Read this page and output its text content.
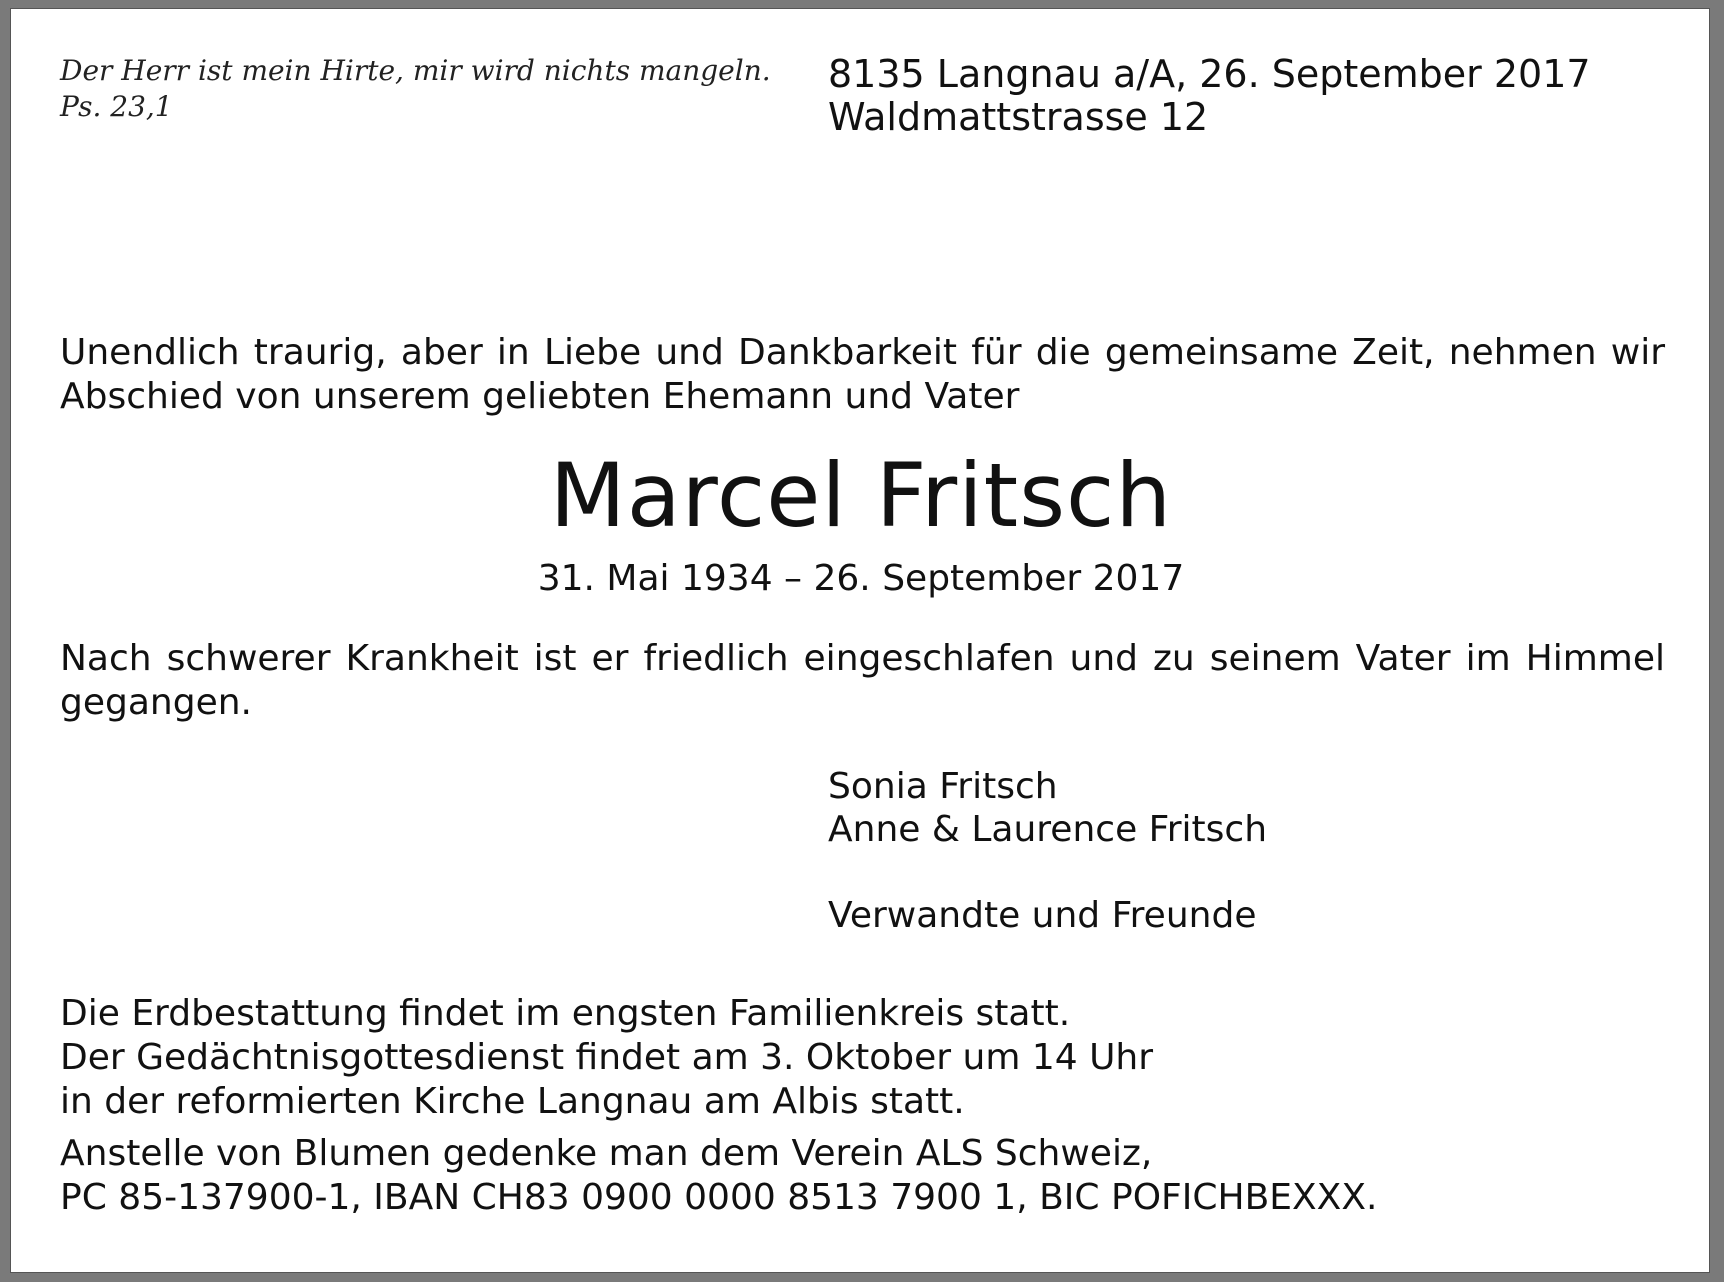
Der Herr ist mein Hirte, mir wird nichts mangeln.
Ps. 23,1
8135 Langnau a/A, 26. September 2017
Waldmattstrasse 12
Unendlich traurig, aber in Liebe und Dankbarkeit für die gemeinsame Zeit, nehmen wir Abschied von unserem geliebten Ehemann und Vater
Marcel Fritsch
31. Mai 1934 – 26. September 2017
Nach schwerer Krankheit ist er friedlich eingeschlafen und zu seinem Vater im Himmel gegangen.
Sonia Fritsch
Anne & Laurence Fritsch
Verwandte und Freunde
Die Erdbestattung findet im engsten Familienkreis statt.
Der Gedächtnisgottesdienst findet am 3. Oktober um 14 Uhr
in der reformierten Kirche Langnau am Albis statt.
Anstelle von Blumen gedenke man dem Verein ALS Schweiz,
PC 85-137900-1, IBAN CH83 0900 0000 8513 7900 1, BIC POFICHBEXXX.
